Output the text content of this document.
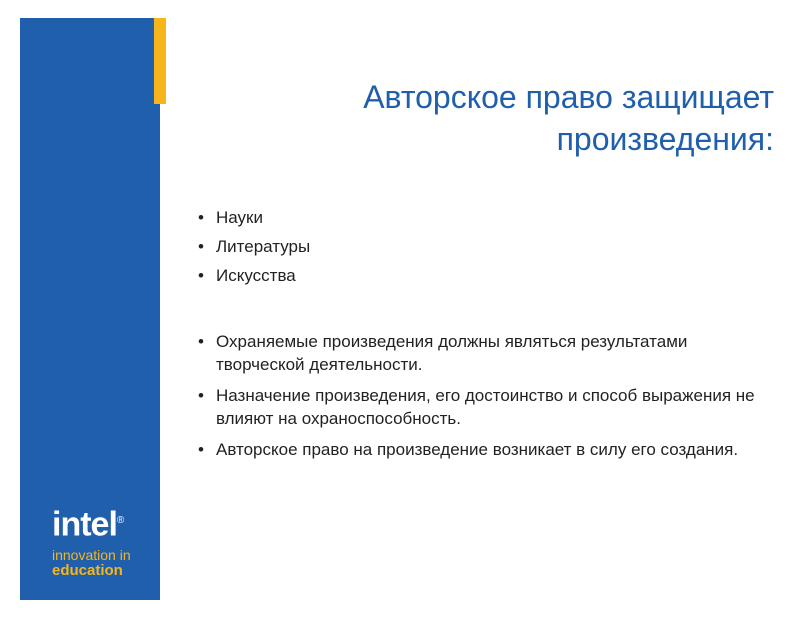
intel®
innovation in
education
Авторское право защищает
произведения:
• Науки
• Литературы
• Искусства
• Охраняемые произведения должны являться результатами творческой деятельности.
• Назначение произведения, его достоинство и способ выражения не влияют на охраноспособность.
• Авторское право на произведение возникает в силу его создания.
